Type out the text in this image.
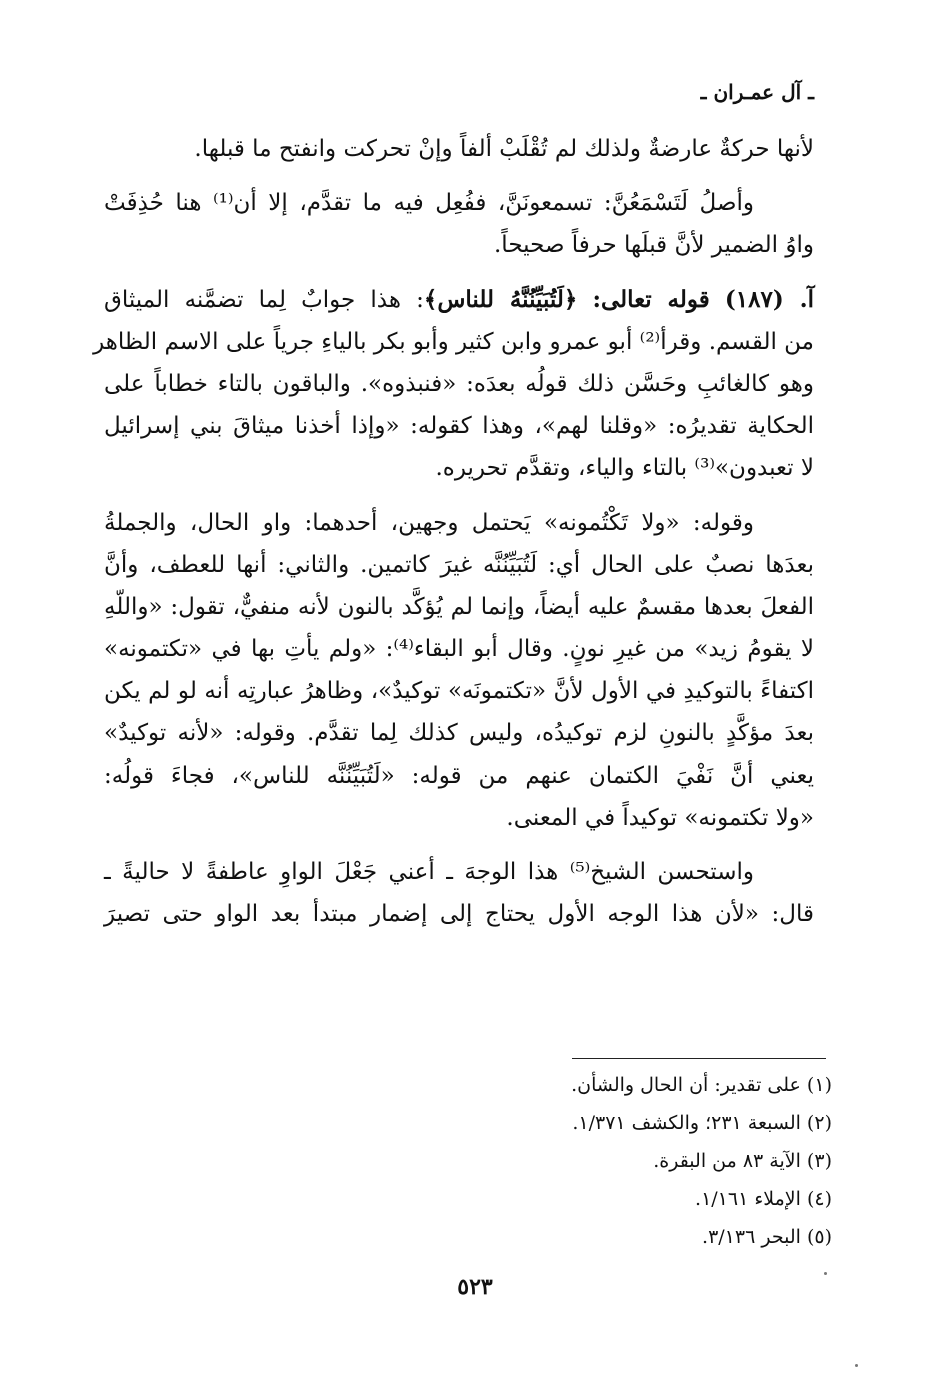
ـ آل عمـران ـ
لأنها حركةٌ عارضةٌ ولذلك لم تُقْلَبْ ألفاً وإنْ تحركت وانفتح ما قبلها.
وأصلُ لَتَسْمَعُنَّ: تسمعونَنَّ، ففُعِل فيه ما تقدَّم، إلا أن⁽¹⁾ هنا حُذِفَتْ
واوُ الضمير لأنَّ قبلَها حرفاً صحيحاً.
آ. (١٨٧) قوله تعالى: ﴿لَتُبَيِّنُنَّهُ للناس﴾: هذا جوابٌ لِما تضمَّنه الميثاق
من القسم. وقرأ⁽²⁾ أبو عمرو وابن كثير وأبو بكر بالياءِ جرياً على الاسم الظاهر
وهو كالغائبِ وحَسَّن ذلك قولُه بعدَه: «فنبذوه». والباقون بالتاء خطاباً على
الحكاية تقديرُه: «وقلنا لهم»، وهذا كقوله: «وإذا أخذنا ميثاقَ بني إسرائيل
لا تعبدون»⁽³⁾ بالتاء والياء، وتقدَّم تحريره.
وقوله: «ولا تَكْتُمونه» يَحتمل وجهين، أحدهما: واو الحال، والجملةُ
بعدَها نصبٌ على الحال أي: لَتُبَيِّنُنَّه غيرَ كاتمين. والثاني: أنها للعطف، وأنَّ
الفعلَ بعدها مقسمٌ عليه أيضاً، وإنما لم يُؤكَّد بالنون لأنه منفيٌّ، تقول: «واللّهِ
لا يقومُ زيد» من غيرِ نونٍ. وقال أبو البقاء⁽⁴⁾: «ولم يأتِ بها في «تكتمونه»
اكتفاءً بالتوكيدِ في الأول لأنَّ «تكتمونَه» توكيدٌ»، وظاهرُ عبارتِه أنه لو لم يكن
بعدَ مؤكَّدٍ بالنونِ لزم توكيدُه، وليس كذلك لِما تقدَّم. وقوله: «لأنه توكيدٌ»
يعني أنَّ نَفْيَ الكتمان عنهم من قوله: «لَتُبَيِّنُنَّه للناس»، فجاءَ قولُه:
«ولا تكتمونه» توكيداً في المعنى.
واستحسن الشيخ⁽⁵⁾ هذا الوجهَ ـ أعني جَعْلَ الواوِ عاطفةً لا حاليةً ـ
قال: «لأن هذا الوجه الأول يحتاج إلى إضمار مبتدأ بعد الواو حتى تصيرَ
(١) على تقدير: أن الحال والشأن.
(٢) السبعة ٢٣١؛ والكشف ١/٣٧١.
(٣) الآية ٨٣ من البقرة.
(٤) الإملاء ١/١٦١.
(٥) البحر ٣/١٣٦.
٥٢٣
